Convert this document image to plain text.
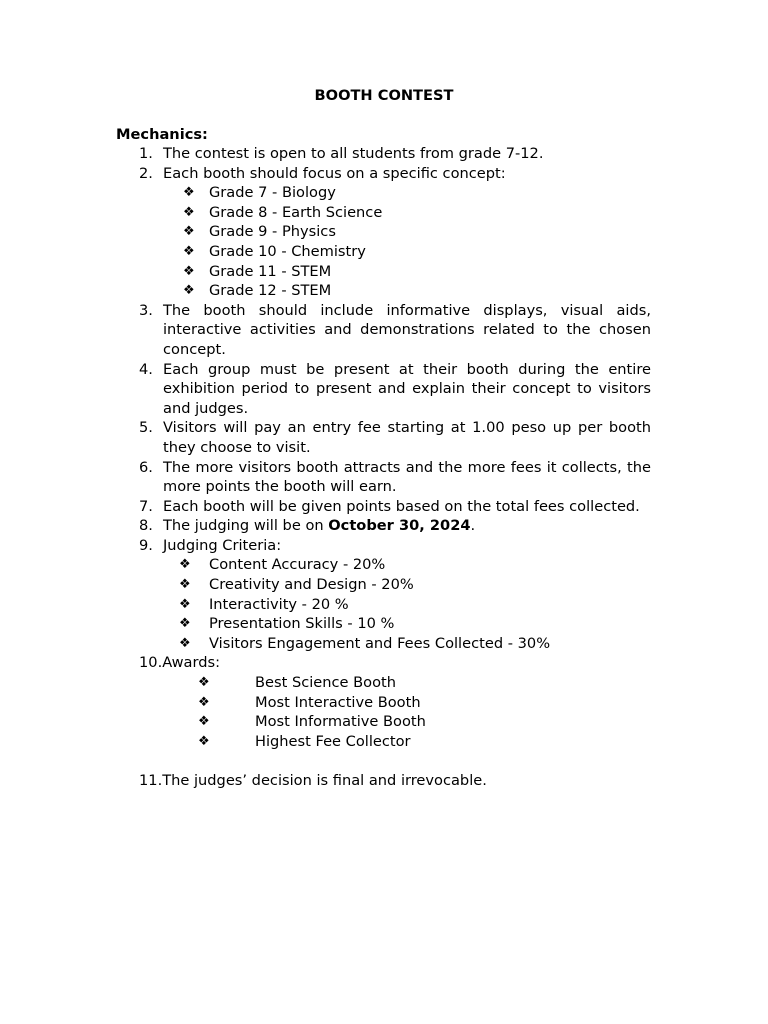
BOOTH CONTEST

Mechanics:

1. The contest is open to all students from grade 7-12.
2. Each booth should focus on a specific concept:
❖ Grade 7 - Biology
❖ Grade 8 - Earth Science
❖ Grade 9 - Physics
❖ Grade 10 - Chemistry
❖ Grade 11 - STEM
❖ Grade 12 - STEM
3. The booth should include informative displays, visual aids, interactive activities and demonstrations related to the chosen concept.
4. Each group must be present at their booth during the entire exhibition period to present and explain their concept to visitors and judges.
5. Visitors will pay an entry fee starting at 1.00 peso up per booth they choose to visit.
6. The more visitors booth attracts and the more fees it collects, the more points the booth will earn.
7. Each booth will be given points based on the total fees collected.
8. The judging will be on October 30, 2024.
9. Judging Criteria:
❖ Content Accuracy - 20%
❖ Creativity and Design - 20%
❖ Interactivity - 20 %
❖ Presentation Skills - 10 %
❖ Visitors Engagement and Fees Collected - 30%
10.Awards:
❖	Best Science Booth
❖	Most Interactive Booth
❖	Most Informative Booth
❖	Highest Fee Collector
11.The judges’ decision is final and irrevocable.
